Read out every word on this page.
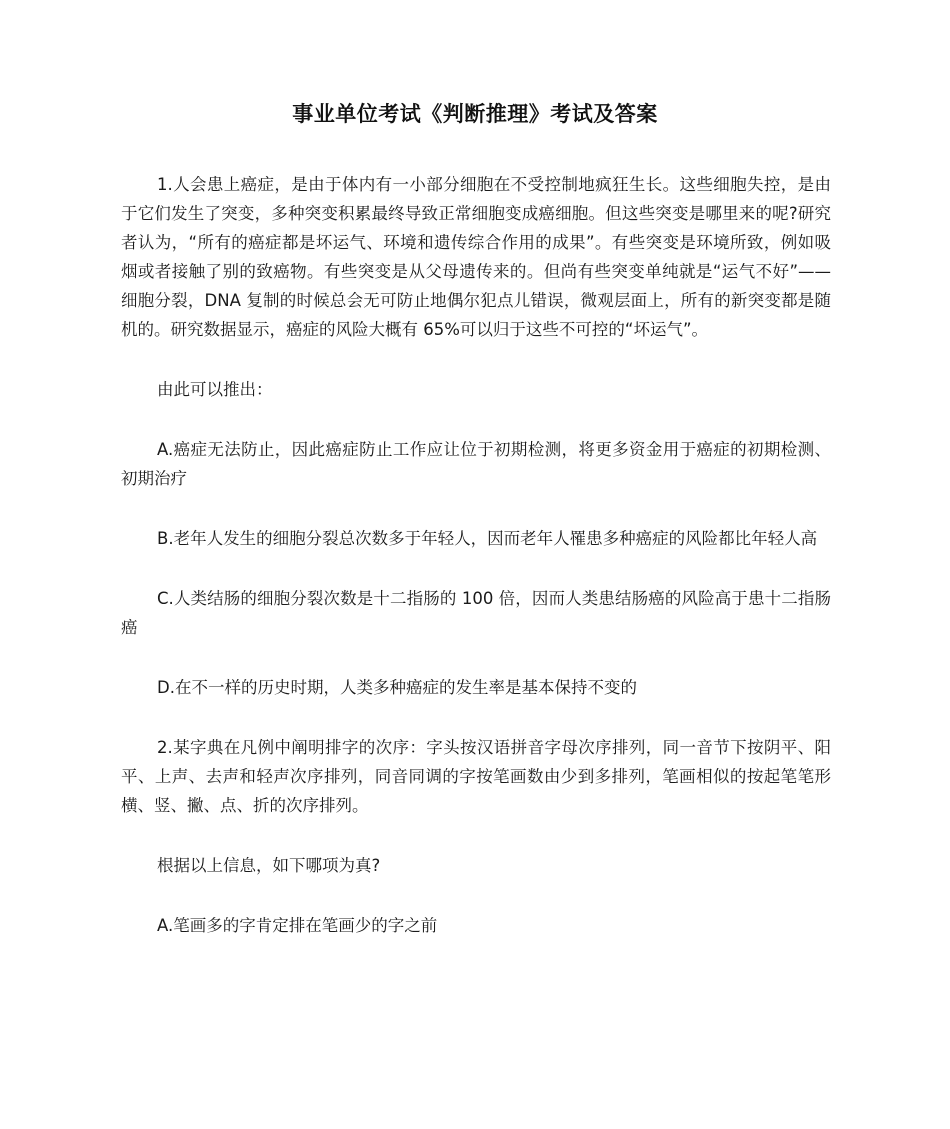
事业单位考试《判断推理》考试及答案

1.人会患上癌症，是由于体内有一小部分细胞在不受控制地疯狂生长。这些细胞失控，是由于它们发生了突变，多种突变积累最终导致正常细胞变成癌细胞。但这些突变是哪里来的呢?研究者认为，“所有的癌症都是坏运气、环境和遗传综合作用的成果”。有些突变是环境所致，例如吸烟或者接触了别的致癌物。有些突变是从父母遗传来的。但尚有些突变单纯就是“运气不好”——细胞分裂，DNA 复制的时候总会无可防止地偶尔犯点儿错误，微观层面上，所有的新突变都是随机的。研究数据显示，癌症的风险大概有 65%可以归于这些不可控的“坏运气”。

由此可以推出：

A.癌症无法防止，因此癌症防止工作应让位于初期检测，将更多资金用于癌症的初期检测、初期治疗

B.老年人发生的细胞分裂总次数多于年轻人，因而老年人罹患多种癌症的风险都比年轻人高

C.人类结肠的细胞分裂次数是十二指肠的 100 倍，因而人类患结肠癌的风险高于患十二指肠癌

D.在不一样的历史时期，人类多种癌症的发生率是基本保持不变的

2.某字典在凡例中阐明排字的次序：字头按汉语拼音字母次序排列，同一音节下按阴平、阳平、上声、去声和轻声次序排列，同音同调的字按笔画数由少到多排列，笔画相似的按起笔笔形横、竖、撇、点、折的次序排列。

根据以上信息，如下哪项为真?

A.笔画多的字肯定排在笔画少的字之前
